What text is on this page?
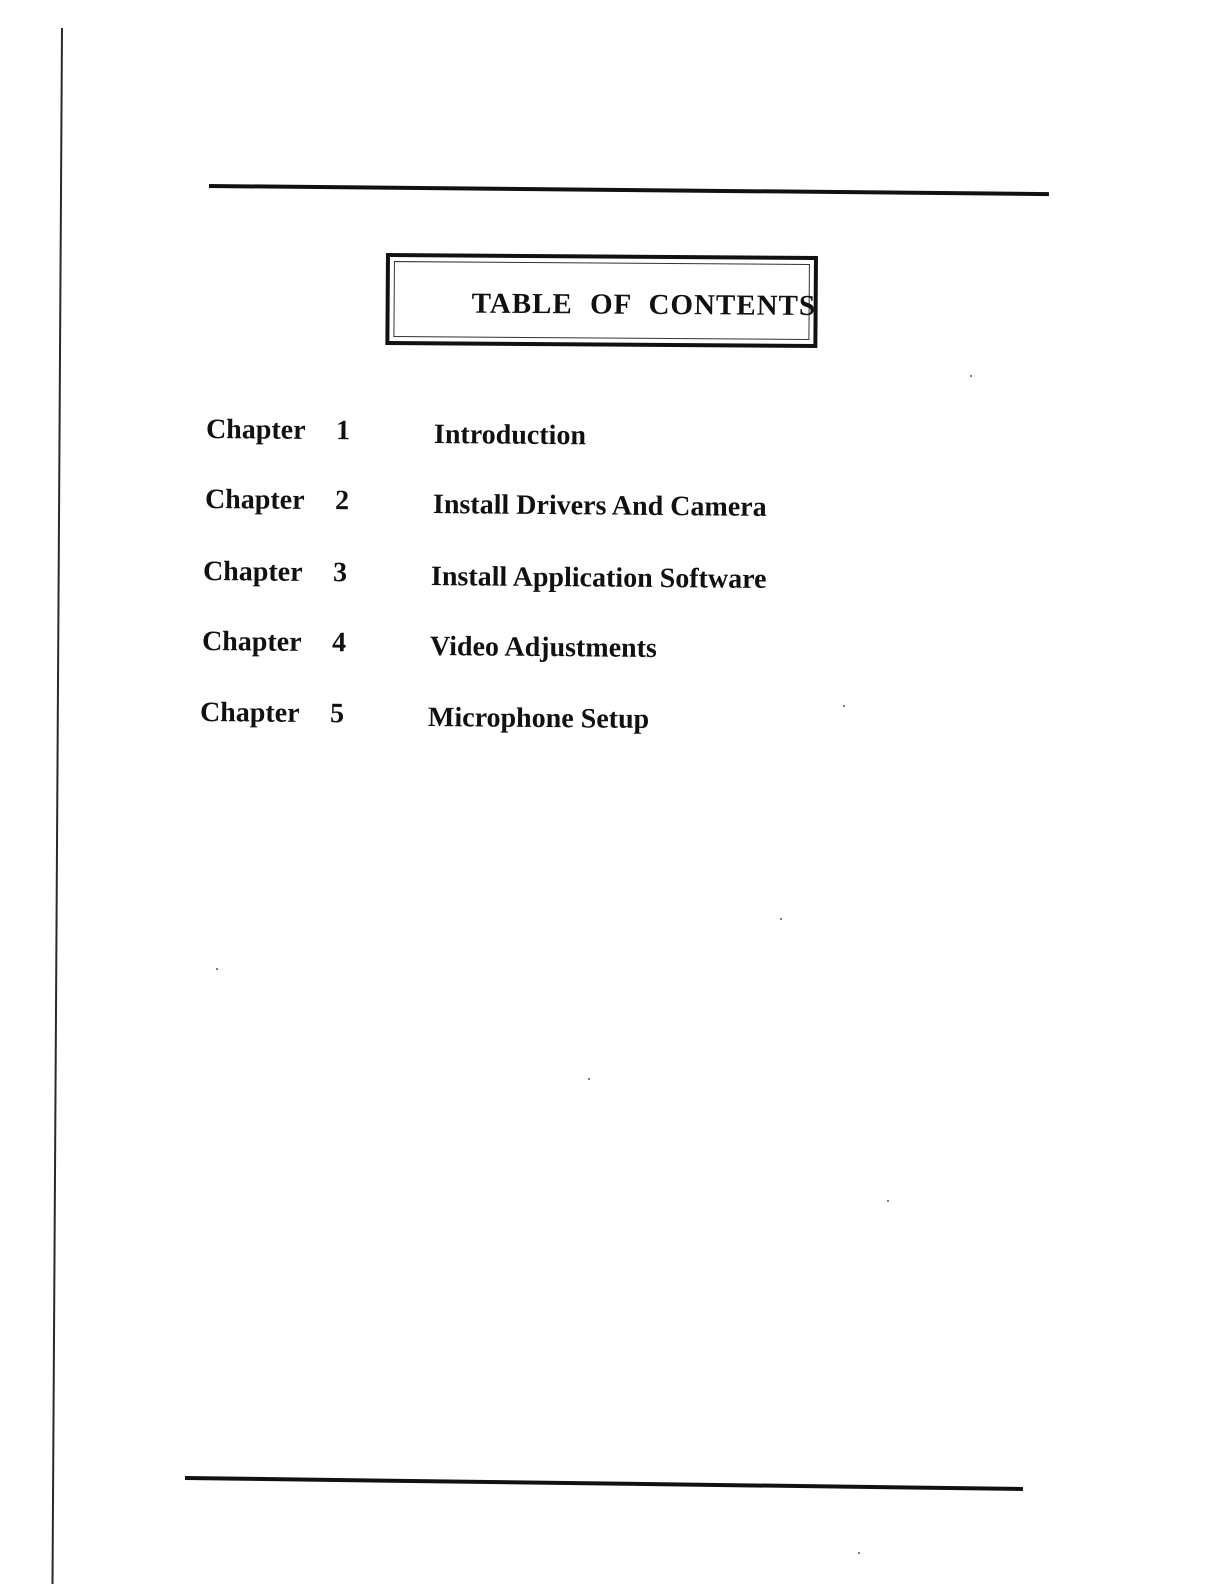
TABLE OF CONTENTS
Chapter 1	Introduction
Chapter 2	Install Drivers And Camera
Chapter 3	Install Application Software
Chapter 4	Video Adjustments
Chapter 5	Microphone Setup
